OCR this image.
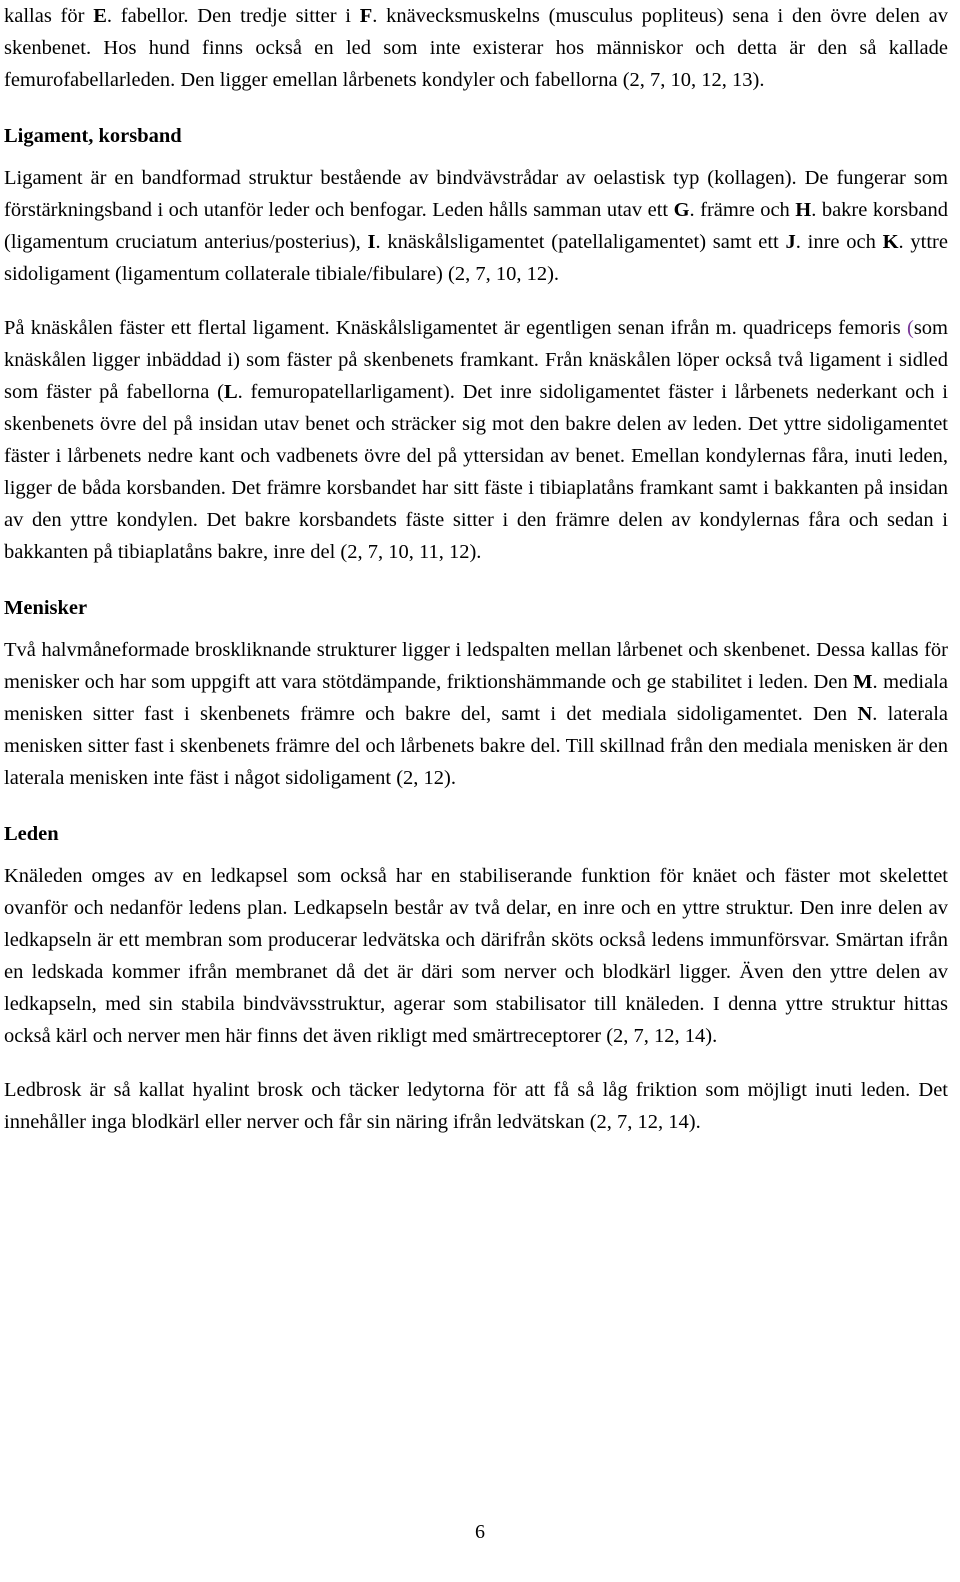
kallas för E. fabellor. Den tredje sitter i F. knävecksmuskelns (musculus popliteus) sena i den övre delen av skenbenet. Hos hund finns också en led som inte existerar hos människor och detta är den så kallade femurofabellarleden. Den ligger emellan lårbenets kondyler och fabellorna (2, 7, 10, 12, 13).

Ligament, korsband

Ligament är en bandformad struktur bestående av bindvävstrådar av oelastisk typ (kollagen). De fungerar som förstärkningsband i och utanför leder och benfogar. Leden hålls samman utav ett G. främre och H. bakre korsband (ligamentum cruciatum anterius/posterius), I. knäskålsligamentet (patellaligamentet) samt ett J. inre och K. yttre sidoligament (ligamentum collaterale tibiale/fibulare) (2, 7, 10, 12).

På knäskålen fäster ett flertal ligament. Knäskålsligamentet är egentligen senan ifrån m. quadriceps femoris (som knäskålen ligger inbäddad i) som fäster på skenbenets framkant. Från knäskålen löper också två ligament i sidled som fäster på fabellorna (L. femuropatellarligament). Det inre sidoligamentet fäster i lårbenets nederkant och i skenbenets övre del på insidan utav benet och sträcker sig mot den bakre delen av leden. Det yttre sidoligamentet fäster i lårbenets nedre kant och vadbenets övre del på yttersidan av benet. Emellan kondylernas fåra, inuti leden, ligger de båda korsbanden. Det främre korsbandet har sitt fäste i tibiaplatåns framkant samt i bakkanten på insidan av den yttre kondylen. Det bakre korsbandets fäste sitter i den främre delen av kondylernas fåra och sedan i bakkanten på tibiaplatåns bakre, inre del (2, 7, 10, 11, 12).

Menisker

Två halvmåneformade broskliknande strukturer ligger i ledspalten mellan lårbenet och skenbenet. Dessa kallas för menisker och har som uppgift att vara stötdämpande, friktionshämmande och ge stabilitet i leden. Den M. mediala menisken sitter fast i skenbenets främre och bakre del, samt i det mediala sidoligamentet. Den N. laterala menisken sitter fast i skenbenets främre del och lårbenets bakre del. Till skillnad från den mediala menisken är den laterala menisken inte fäst i något sidoligament (2, 12).

Leden

Knäleden omges av en ledkapsel som också har en stabiliserande funktion för knäet och fäster mot skelettet ovanför och nedanför ledens plan. Ledkapseln består av två delar, en inre och en yttre struktur. Den inre delen av ledkapseln är ett membran som producerar ledvätska och därifrån sköts också ledens immunförsvar. Smärtan ifrån en ledskada kommer ifrån membranet då det är däri som nerver och blodkärl ligger. Även den yttre delen av ledkapseln, med sin stabila bindvävsstruktur, agerar som stabilisator till knäleden. I denna yttre struktur hittas också kärl och nerver men här finns det även rikligt med smärtreceptorer (2, 7, 12, 14).

Ledbrosk är så kallat hyalint brosk och täcker ledytorna för att få så låg friktion som möjligt inuti leden. Det innehåller inga blodkärl eller nerver och får sin näring ifrån ledvätskan (2, 7, 12, 14).

6
